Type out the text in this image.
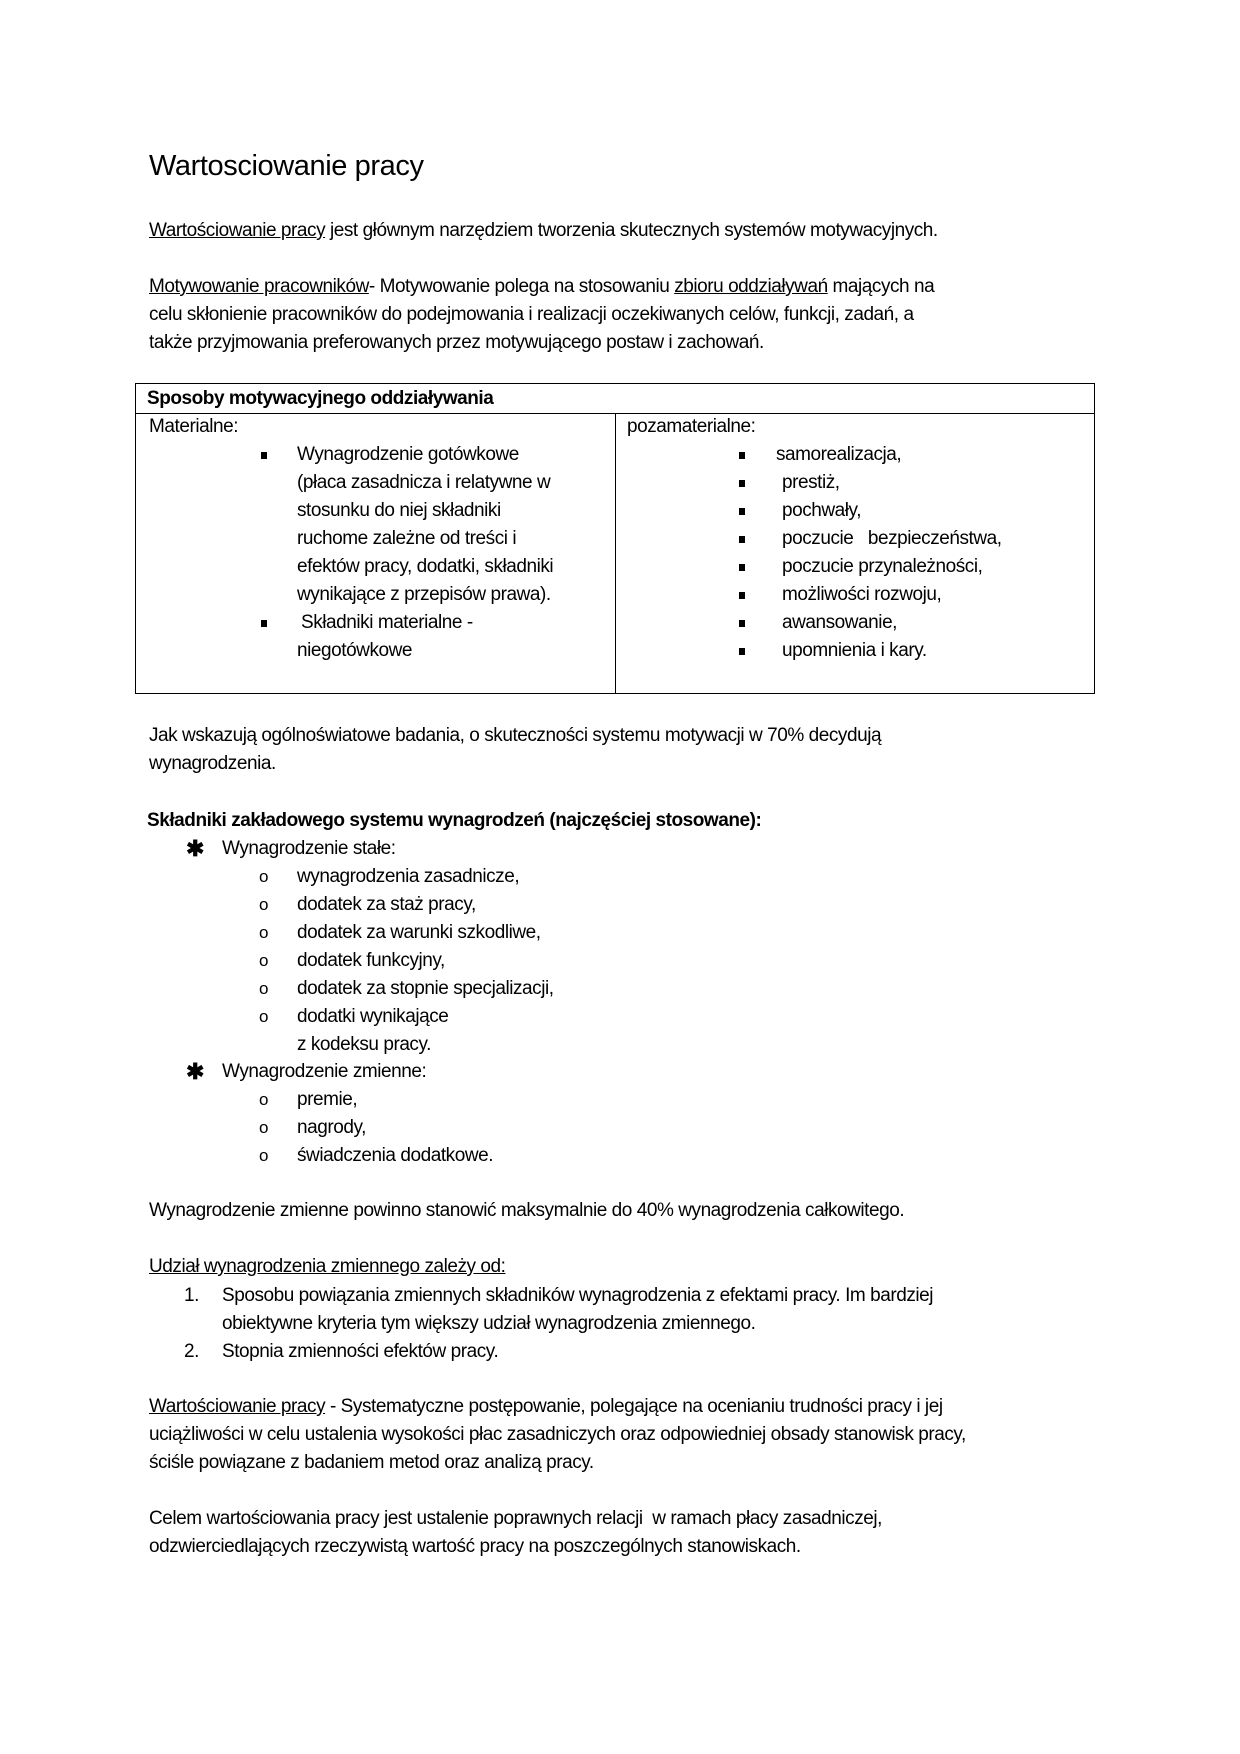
Wartosciowanie pracy
Wartościowanie pracy jest głównym narzędziem tworzenia skutecznych systemów motywacyjnych.
Motywowanie pracowników- Motywowanie polega na stosowaniu zbioru oddziaływań mających na
celu skłonienie pracowników do podejmowania i realizacji oczekiwanych celów, funkcji, zadań, a
także przyjmowania preferowanych przez motywującego postaw i zachowań.
Sposoby motywacyjnego oddziaływania
Materialne:
Wynagrodzenie gotówkowe
(płaca zasadnicza i relatywne w
stosunku do niej składniki
ruchome zależne od treści i
efektów pracy, dodatki, składniki
wynikające z przepisów prawa).
Składniki materialne -
niegotówkowe
pozamaterialne:
samorealizacja,
prestiż,
pochwały,
poczucie   bezpieczeństwa,
poczucie przynależności,
możliwości rozwoju,
awansowanie,
upomnienia i kary.
Jak wskazują ogólnoświatowe badania, o skuteczności systemu motywacji w 70% decydują
wynagrodzenia.
Składniki zakładowego systemu wynagrodzeń (najczęściej stosowane):
✱ Wynagrodzenie stałe:
o wynagrodzenia zasadnicze,
o dodatek za staż pracy,
o dodatek za warunki szkodliwe,
o dodatek funkcyjny,
o dodatek za stopnie specjalizacji,
o dodatki wynikające
z kodeksu pracy.
✱ Wynagrodzenie zmienne:
o premie,
o nagrody,
o świadczenia dodatkowe.
Wynagrodzenie zmienne powinno stanowić maksymalnie do 40% wynagrodzenia całkowitego.
Udział wynagrodzenia zmiennego zależy od:
1. Sposobu powiązania zmiennych składników wynagrodzenia z efektami pracy. Im bardziej
obiektywne kryteria tym większy udział wynagrodzenia zmiennego.
2. Stopnia zmienności efektów pracy.
Wartościowanie pracy - Systematyczne postępowanie, polegające na ocenianiu trudności pracy i jej
uciążliwości w celu ustalenia wysokości płac zasadniczych oraz odpowiedniej obsady stanowisk pracy,
ściśle powiązane z badaniem metod oraz analizą pracy.
Celem wartościowania pracy jest ustalenie poprawnych relacji  w ramach płacy zasadniczej,
odzwierciedlających rzeczywistą wartość pracy na poszczególnych stanowiskach.
